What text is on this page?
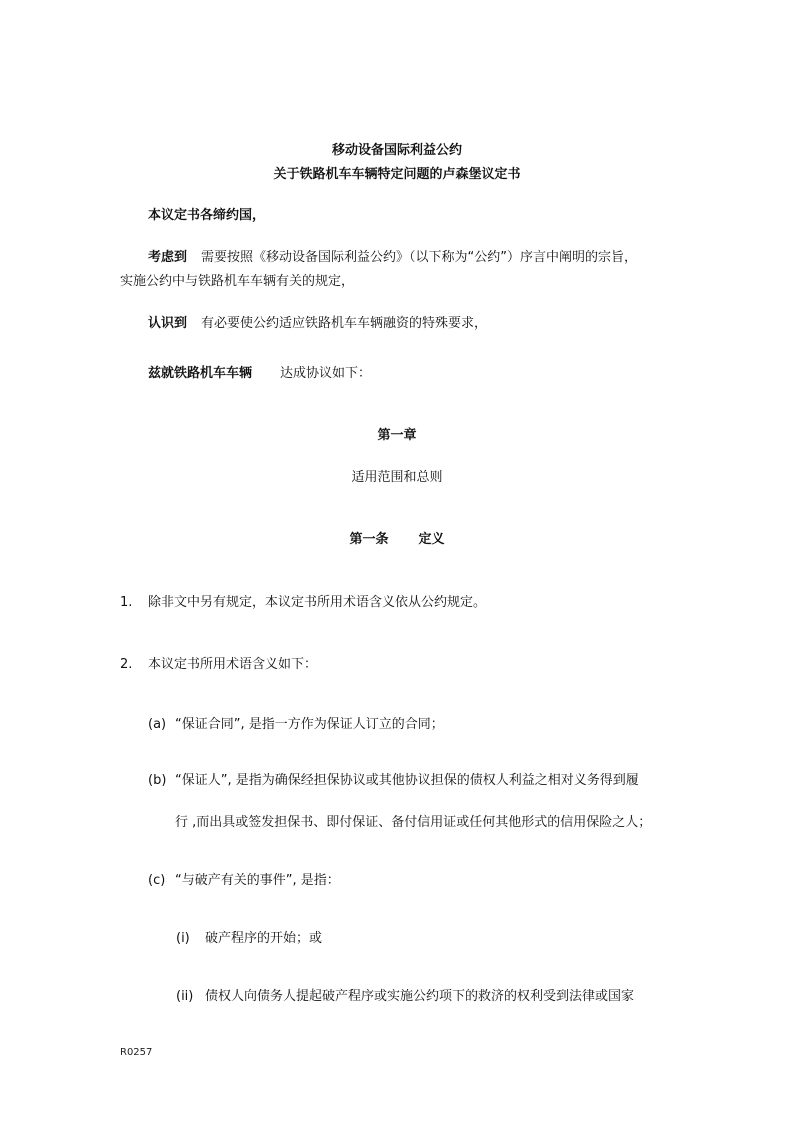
移动设备国际利益公约
关于铁路机车车辆特定问题的卢森堡议定书
本议定书各缔约国，
考虑到 需要按照《移动设备国际利益公约》（以下称为“公约”）序言中阐明的宗旨，
实施公约中与铁路机车车辆有关的规定，
认识到 有必要使公约适应铁路机车车辆融资的特殊要求，
兹就铁路机车车辆 达成协议如下：
第一章
适用范围和总则
第一条 定义
1. 除非文中另有规定，本议定书所用术语含义依从公约规定。
2. 本议定书所用术语含义如下：
(a) “保证合同”, 是指一方作为保证人订立的合同；
(b) “保证人”, 是指为确保经担保协议或其他协议担保的债权人利益之相对义务得到履
行 ,而出具或签发担保书、即付保证、备付信用证或任何其他形式的信用保险之人；
(c) “与破产有关的事件”, 是指：
(i) 破产程序的开始；或
(ii) 债权人向债务人提起破产程序或实施公约项下的救济的权利受到法律或国家
R0257
